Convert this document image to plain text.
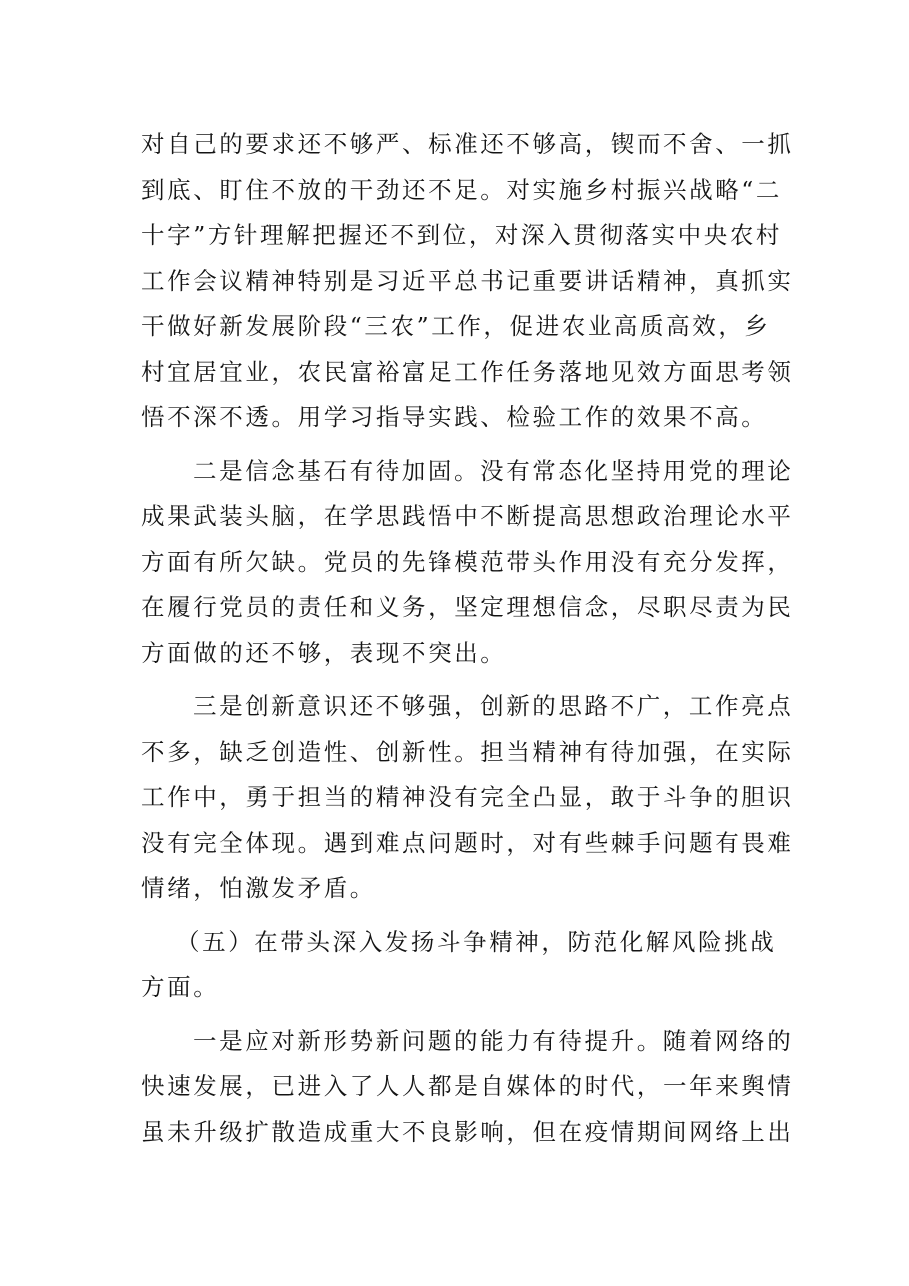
对自己的要求还不够严、标准还不够高，锲而不舍、一抓
到底、盯住不放的干劲还不足。对实施乡村振兴战略“二
十字”方针理解把握还不到位，对深入贯彻落实中央农村
工作会议精神特别是习近平总书记重要讲话精神，真抓实
干做好新发展阶段“三农”工作，促进农业高质高效，乡
村宜居宜业，农民富裕富足工作任务落地见效方面思考领
悟不深不透。用学习指导实践、检验工作的效果不高。
二是信念基石有待加固。没有常态化坚持用党的理论
成果武装头脑，在学思践悟中不断提高思想政治理论水平
方面有所欠缺。党员的先锋模范带头作用没有充分发挥，
在履行党员的责任和义务，坚定理想信念，尽职尽责为民
方面做的还不够，表现不突出。
三是创新意识还不够强，创新的思路不广，工作亮点
不多，缺乏创造性、创新性。担当精神有待加强，在实际
工作中，勇于担当的精神没有完全凸显，敢于斗争的胆识
没有完全体现。遇到难点问题时，对有些棘手问题有畏难
情绪，怕激发矛盾。
（五）在带头深入发扬斗争精神，防范化解风险挑战
方面。
一是应对新形势新问题的能力有待提升。随着网络的
快速发展，已进入了人人都是自媒体的时代，一年来舆情
虽未升级扩散造成重大不良影响，但在疫情期间网络上出
